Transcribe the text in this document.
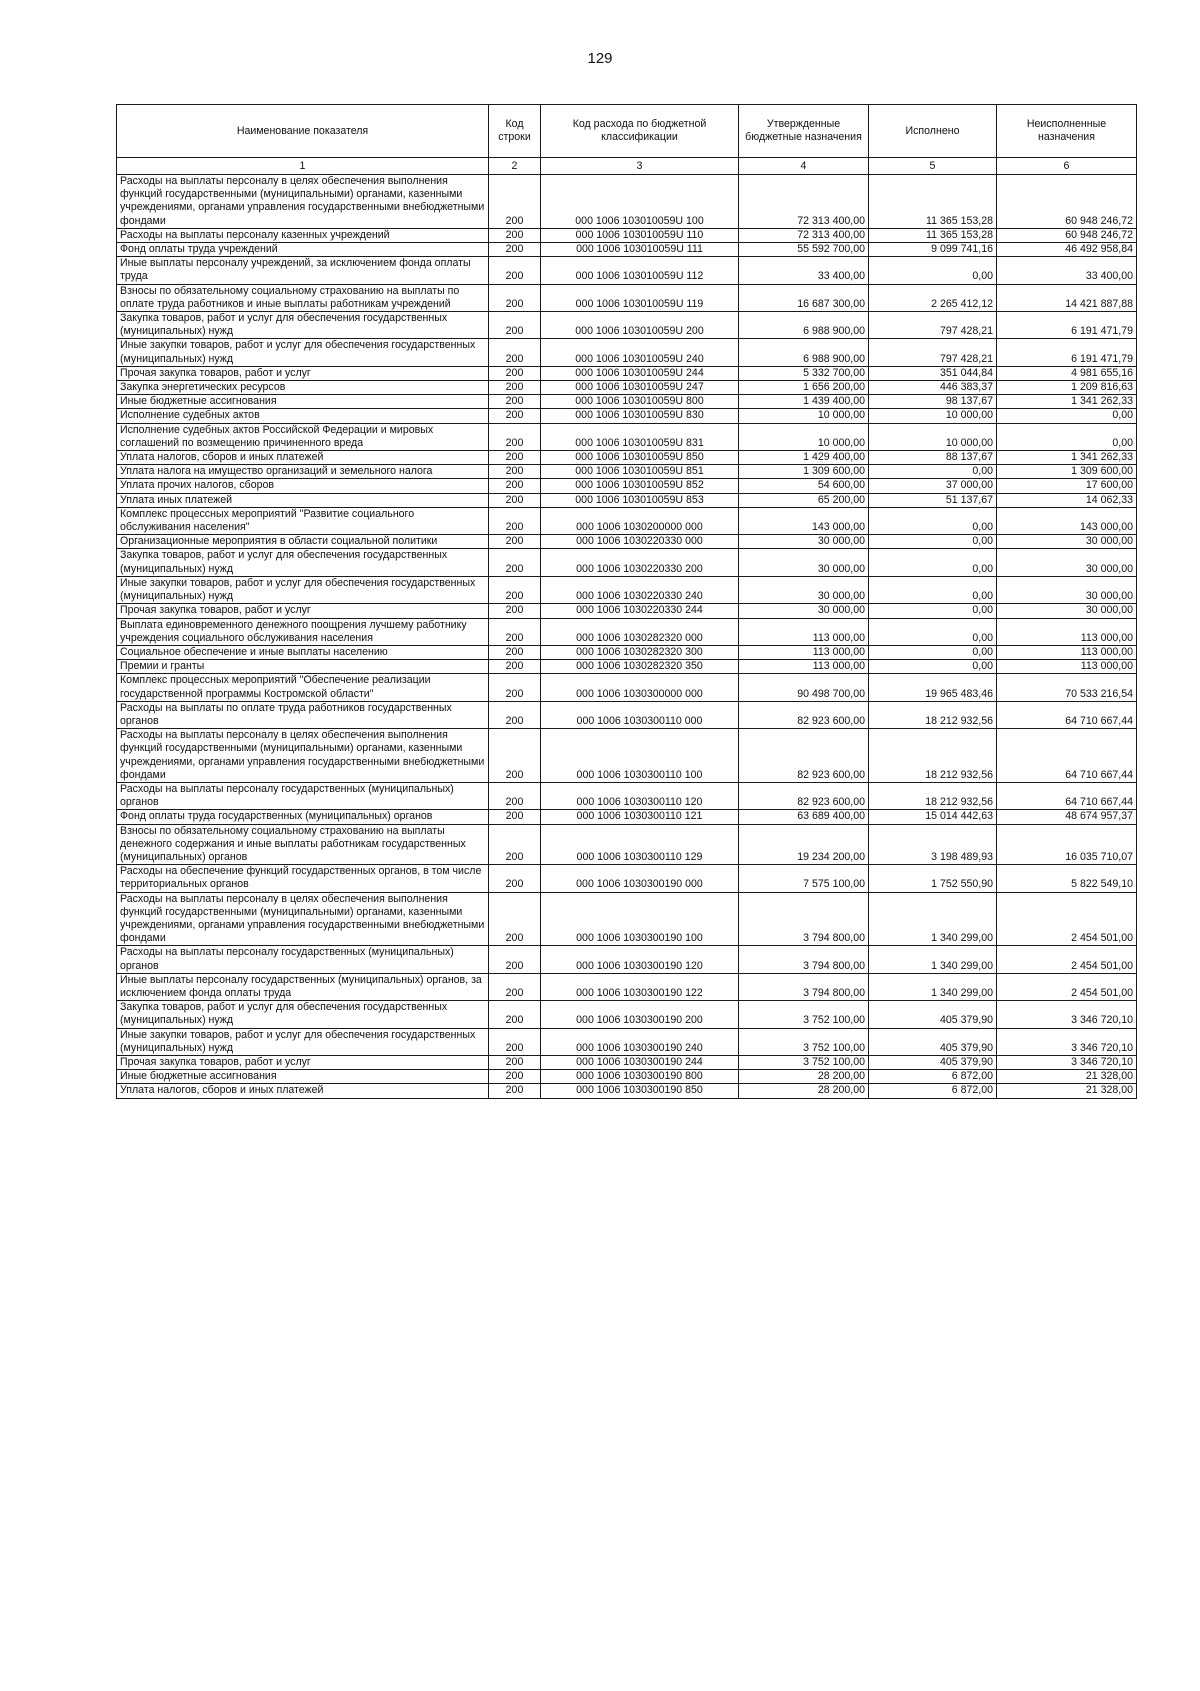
129
Наименование показателя	Код строки	Код расхода по бюджетной классификации	Утвержденные бюджетные назначения	Исполнено	Неисполненные назначения
1	2	3	4	5	6
Расходы на выплаты персоналу в целях обеспечения выполнения функций государственными (муниципальными) органами, казенными учреждениями, органами управления государственными внебюджетными фондами	200	000 1006 103010059U 100	72 313 400,00	11 365 153,28	60 948 246,72
Расходы на выплаты персоналу казенных учреждений	200	000 1006 103010059U 110	72 313 400,00	11 365 153,28	60 948 246,72
Фонд оплаты труда учреждений	200	000 1006 103010059U 111	55 592 700,00	9 099 741,16	46 492 958,84
Иные выплаты персоналу учреждений, за исключением фонда оплаты труда	200	000 1006 103010059U 112	33 400,00	0,00	33 400,00
Взносы по обязательному социальному страхованию на выплаты по оплате труда работников и иные выплаты работникам учреждений	200	000 1006 103010059U 119	16 687 300,00	2 265 412,12	14 421 887,88
Закупка товаров, работ и услуг для обеспечения государственных (муниципальных) нужд	200	000 1006 103010059U 200	6 988 900,00	797 428,21	6 191 471,79
Иные закупки товаров, работ и услуг для обеспечения государственных (муниципальных) нужд	200	000 1006 103010059U 240	6 988 900,00	797 428,21	6 191 471,79
Прочая закупка товаров, работ и услуг	200	000 1006 103010059U 244	5 332 700,00	351 044,84	4 981 655,16
Закупка энергетических ресурсов	200	000 1006 103010059U 247	1 656 200,00	446 383,37	1 209 816,63
Иные бюджетные ассигнования	200	000 1006 103010059U 800	1 439 400,00	98 137,67	1 341 262,33
Исполнение судебных актов	200	000 1006 103010059U 830	10 000,00	10 000,00	0,00
Исполнение судебных актов Российской Федерации и мировых соглашений по возмещению причиненного вреда	200	000 1006 103010059U 831	10 000,00	10 000,00	0,00
Уплата налогов, сборов и иных платежей	200	000 1006 103010059U 850	1 429 400,00	88 137,67	1 341 262,33
Уплата налога на имущество организаций и земельного налога	200	000 1006 103010059U 851	1 309 600,00	0,00	1 309 600,00
Уплата прочих налогов, сборов	200	000 1006 103010059U 852	54 600,00	37 000,00	17 600,00
Уплата иных платежей	200	000 1006 103010059U 853	65 200,00	51 137,67	14 062,33
Комплекс процессных мероприятий "Развитие социального обслуживания населения"	200	000 1006 1030200000 000	143 000,00	0,00	143 000,00
Организационные мероприятия в области социальной политики	200	000 1006 1030220330 000	30 000,00	0,00	30 000,00
Закупка товаров, работ и услуг для обеспечения государственных (муниципальных) нужд	200	000 1006 1030220330 200	30 000,00	0,00	30 000,00
Иные закупки товаров, работ и услуг для обеспечения государственных (муниципальных) нужд	200	000 1006 1030220330 240	30 000,00	0,00	30 000,00
Прочая закупка товаров, работ и услуг	200	000 1006 1030220330 244	30 000,00	0,00	30 000,00
Выплата единовременного денежного поощрения лучшему работнику учреждения социального обслуживания населения	200	000 1006 1030282320 000	113 000,00	0,00	113 000,00
Социальное обеспечение и иные выплаты населению	200	000 1006 1030282320 300	113 000,00	0,00	113 000,00
Премии и гранты	200	000 1006 1030282320 350	113 000,00	0,00	113 000,00
Комплекс процессных мероприятий "Обеспечение реализации государственной программы Костромской области"	200	000 1006 1030300000 000	90 498 700,00	19 965 483,46	70 533 216,54
Расходы на выплаты по оплате труда работников государственных органов	200	000 1006 1030300110 000	82 923 600,00	18 212 932,56	64 710 667,44
Расходы на выплаты персоналу в целях обеспечения выполнения функций государственными (муниципальными) органами, казенными учреждениями, органами управления государственными внебюджетными фондами	200	000 1006 1030300110 100	82 923 600,00	18 212 932,56	64 710 667,44
Расходы на выплаты персоналу государственных (муниципальных) органов	200	000 1006 1030300110 120	82 923 600,00	18 212 932,56	64 710 667,44
Фонд оплаты труда государственных (муниципальных) органов	200	000 1006 1030300110 121	63 689 400,00	15 014 442,63	48 674 957,37
Взносы по обязательному социальному страхованию на выплаты денежного содержания и иные выплаты работникам государственных (муниципальных) органов	200	000 1006 1030300110 129	19 234 200,00	3 198 489,93	16 035 710,07
Расходы на обеспечение функций государственных органов, в том числе территориальных органов	200	000 1006 1030300190 000	7 575 100,00	1 752 550,90	5 822 549,10
Расходы на выплаты персоналу в целях обеспечения выполнения функций государственными (муниципальными) органами, казенными учреждениями, органами управления государственными внебюджетными фондами	200	000 1006 1030300190 100	3 794 800,00	1 340 299,00	2 454 501,00
Расходы на выплаты персоналу государственных (муниципальных) органов	200	000 1006 1030300190 120	3 794 800,00	1 340 299,00	2 454 501,00
Иные выплаты персоналу государственных (муниципальных) органов, за исключением фонда оплаты труда	200	000 1006 1030300190 122	3 794 800,00	1 340 299,00	2 454 501,00
Закупка товаров, работ и услуг для обеспечения государственных (муниципальных) нужд	200	000 1006 1030300190 200	3 752 100,00	405 379,90	3 346 720,10
Иные закупки товаров, работ и услуг для обеспечения государственных (муниципальных) нужд	200	000 1006 1030300190 240	3 752 100,00	405 379,90	3 346 720,10
Прочая закупка товаров, работ и услуг	200	000 1006 1030300190 244	3 752 100,00	405 379,90	3 346 720,10
Иные бюджетные ассигнования	200	000 1006 1030300190 800	28 200,00	6 872,00	21 328,00
Уплата налогов, сборов и иных платежей	200	000 1006 1030300190 850	28 200,00	6 872,00	21 328,00
